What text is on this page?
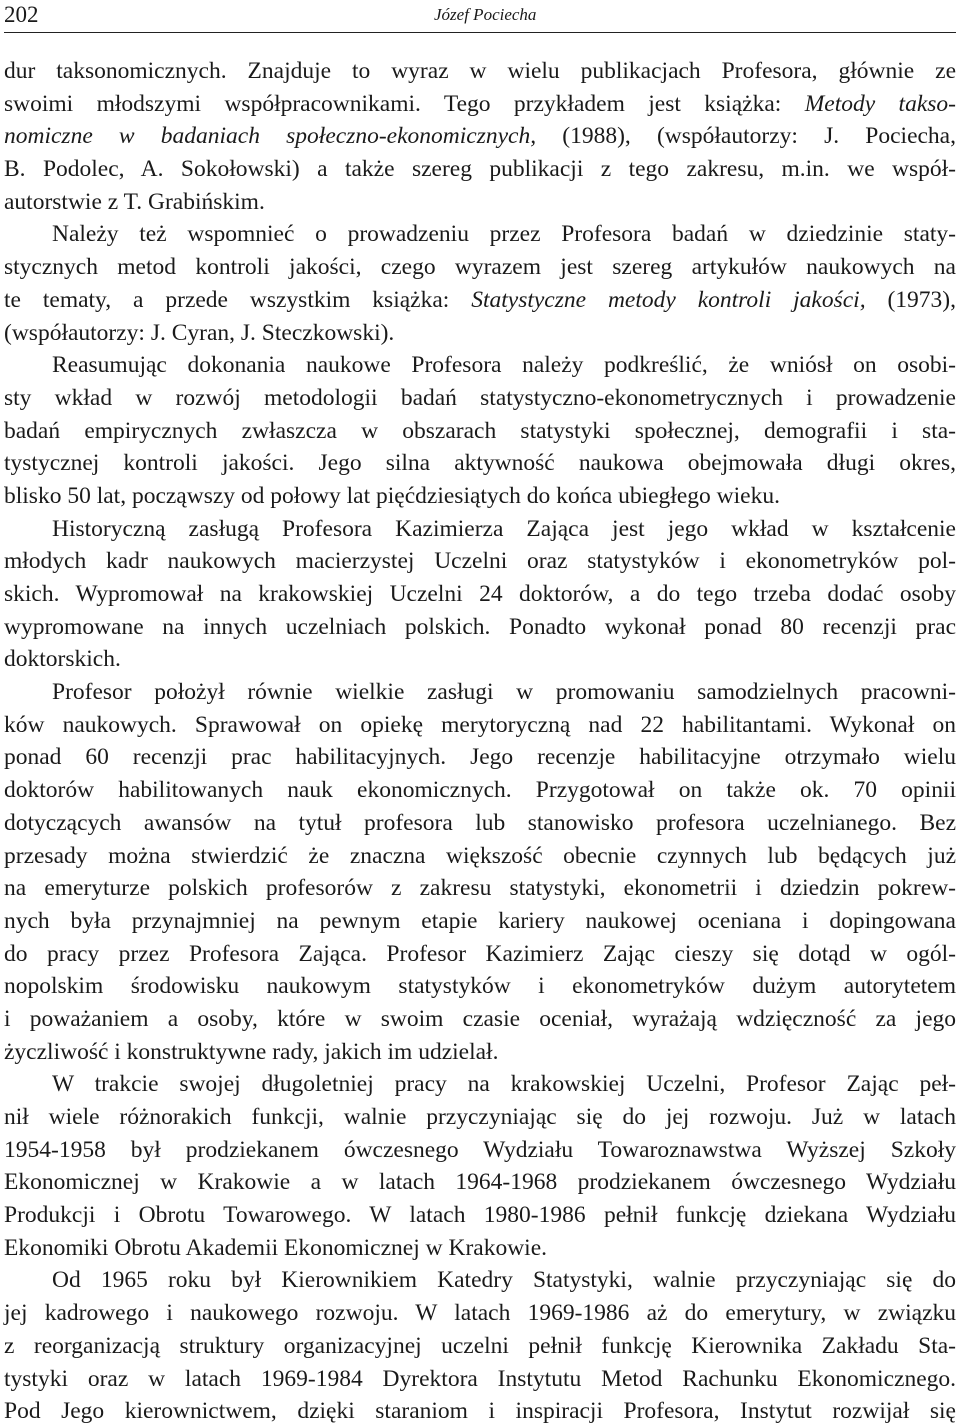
202	Józef Pociecha
dur taksonomicznych. Znajduje to wyraz w wielu publikacjach Profesora, głównie ze
swoimi młodszymi współpracownikami. Tego przykładem jest książka: Metody takso-
nomiczne w badaniach społeczno-ekonomicznych, (1988), (współautorzy: J. Pociecha,
B. Podolec, A. Sokołowski) a także szereg publikacji z tego zakresu, m.in. we współ-
autorstwie z T. Grabińskim.
Należy też wspomnieć o prowadzeniu przez Profesora badań w dziedzinie staty-
stycznych metod kontroli jakości, czego wyrazem jest szereg artykułów naukowych na
te tematy, a przede wszystkim książka: Statystyczne metody kontroli jakości, (1973),
(współautorzy: J. Cyran, J. Steczkowski).
Reasumując dokonania naukowe Profesora należy podkreślić, że wniósł on osobi-
sty wkład w rozwój metodologii badań statystyczno-ekonometrycznych i prowadzenie
badań empirycznych zwłaszcza w obszarach statystyki społecznej, demografii i sta-
tystycznej kontroli jakości. Jego silna aktywność naukowa obejmowała długi okres,
blisko 50 lat, począwszy od połowy lat pięćdziesiątych do końca ubiegłego wieku.
Historyczną zasługą Profesora Kazimierza Zająca jest jego wkład w kształcenie
młodych kadr naukowych macierzystej Uczelni oraz statystyków i ekonometryków pol-
skich. Wypromował na krakowskiej Uczelni 24 doktorów, a do tego trzeba dodać osoby
wypromowane na innych uczelniach polskich. Ponadto wykonał ponad 80 recenzji prac
doktorskich.
Profesor położył równie wielkie zasługi w promowaniu samodzielnych pracowni-
ków naukowych. Sprawował on opiekę merytoryczną nad 22 habilitantami. Wykonał on
ponad 60 recenzji prac habilitacyjnych. Jego recenzje habilitacyjne otrzymało wielu
doktorów habilitowanych nauk ekonomicznych. Przygotował on także ok. 70 opinii
dotyczących awansów na tytuł profesora lub stanowisko profesora uczelnianego. Bez
przesady można stwierdzić że znaczna większość obecnie czynnych lub będących już
na emeryturze polskich profesorów z zakresu statystyki, ekonometrii i dziedzin pokrew-
nych była przynajmniej na pewnym etapie kariery naukowej oceniana i dopingowana
do pracy przez Profesora Zająca. Profesor Kazimierz Zając cieszy się dotąd w ogól-
nopolskim środowisku naukowym statystyków i ekonometryków dużym autorytetem
i poważaniem a osoby, które w swoim czasie oceniał, wyrażają wdzięczność za jego
życzliwość i konstruktywne rady, jakich im udzielał.
W trakcie swojej długoletniej pracy na krakowskiej Uczelni, Profesor Zając peł-
nił wiele różnorakich funkcji, walnie przyczyniając się do jej rozwoju. Już w latach
1954-1958 był prodziekanem ówczesnego Wydziału Towaroznawstwa Wyższej Szkoły
Ekonomicznej w Krakowie a w latach 1964-1968 prodziekanem ówczesnego Wydziału
Produkcji i Obrotu Towarowego. W latach 1980-1986 pełnił funkcję dziekana Wydziału
Ekonomiki Obrotu Akademii Ekonomicznej w Krakowie.
Od 1965 roku był Kierownikiem Katedry Statystyki, walnie przyczyniając się do
jej kadrowego i naukowego rozwoju. W latach 1969-1986 aż do emerytury, w związku
z reorganizacją struktury organizacyjnej uczelni pełnił funkcję Kierownika Zakładu Sta-
tystyki oraz w latach 1969-1984 Dyrektora Instytutu Metod Rachunku Ekonomicznego.
Pod Jego kierownictwem, dzięki staraniom i inspiracji Profesora, Instytut rozwijał się
